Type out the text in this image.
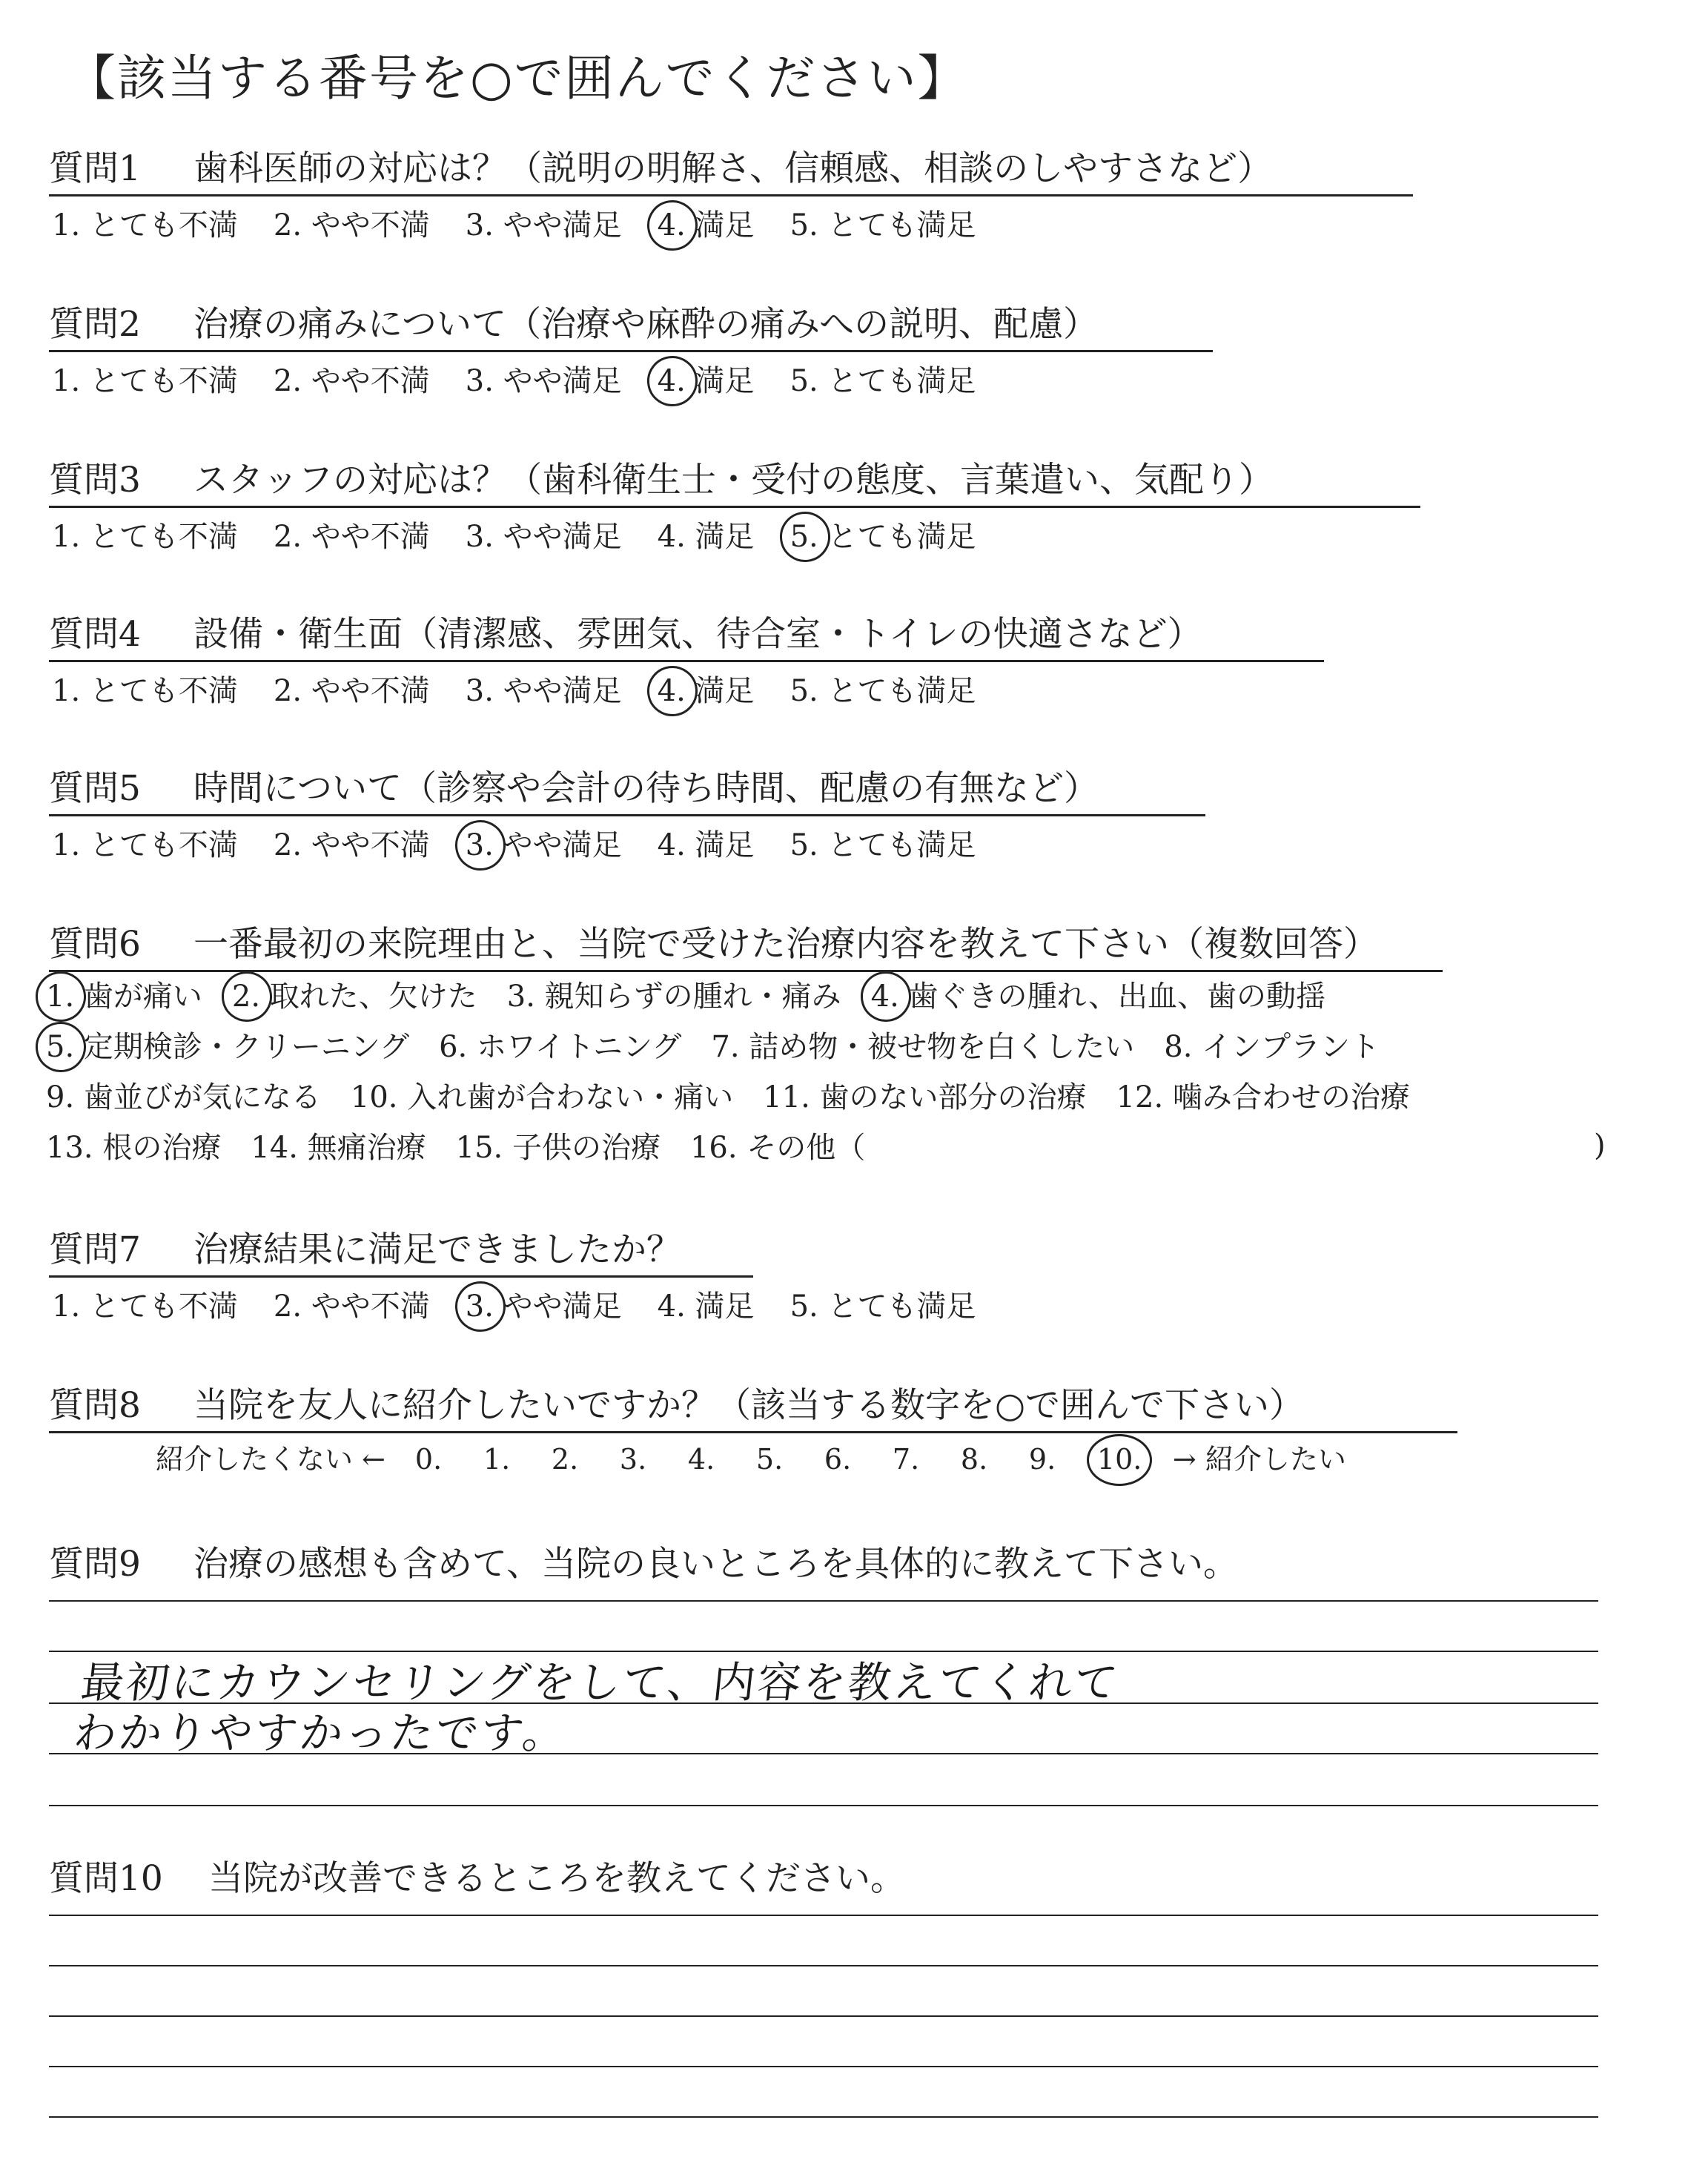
【該当する番号を○で囲んでください】
質問1 歯科医師の対応は？（説明の明解さ、信頼感、相談のしやすさなど）
1. とても不満 2. やや不満 3. やや満足 4. 満足 5. とても満足
質問2 治療の痛みについて（治療や麻酔の痛みへの説明、配慮）
1. とても不満 2. やや不満 3. やや満足 4. 満足 5. とても満足
質問3 スタッフの対応は？（歯科衛生士・受付の態度、言葉遣い、気配り）
1. とても不満 2. やや不満 3. やや満足 4. 満足 5. とても満足
質問4 設備・衛生面（清潔感、雰囲気、待合室・トイレの快適さなど）
1. とても不満 2. やや不満 3. やや満足 4. 満足 5. とても満足
質問5 時間について（診察や会計の待ち時間、配慮の有無など）
1. とても不満 2. やや不満 3. やや満足 4. 満足 5. とても満足
質問6 一番最初の来院理由と、当院で受けた治療内容を教えて下さい（複数回答）
1. 歯が痛い 2. 取れた、欠けた 3. 親知らずの腫れ・痛み 4. 歯ぐきの腫れ、出血、歯の動揺
5. 定期検診・クリーニング 6. ホワイトニング 7. 詰め物・被せ物を白くしたい 8. インプラント
9. 歯並びが気になる 10. 入れ歯が合わない・痛い 11. 歯のない部分の治療 12. 噛み合わせの治療
13. 根の治療 14. 無痛治療 15. 子供の治療 16. その他（	)
質問7 治療結果に満足できましたか？
1. とても不満 2. やや不満 3. やや満足 4. 満足 5. とても満足
質問8 当院を友人に紹介したいですか？（該当する数字を○で囲んで下さい）
紹介したくない ← 0. 1. 2. 3. 4. 5. 6. 7. 8. 9. 10. → 紹介したい
質問9 治療の感想も含めて、当院の良いところを具体的に教えて下さい。
最初にカウンセリングをして、内容を教えてくれて
わかりやすかったです。
質問10 当院が改善できるところを教えてください。
